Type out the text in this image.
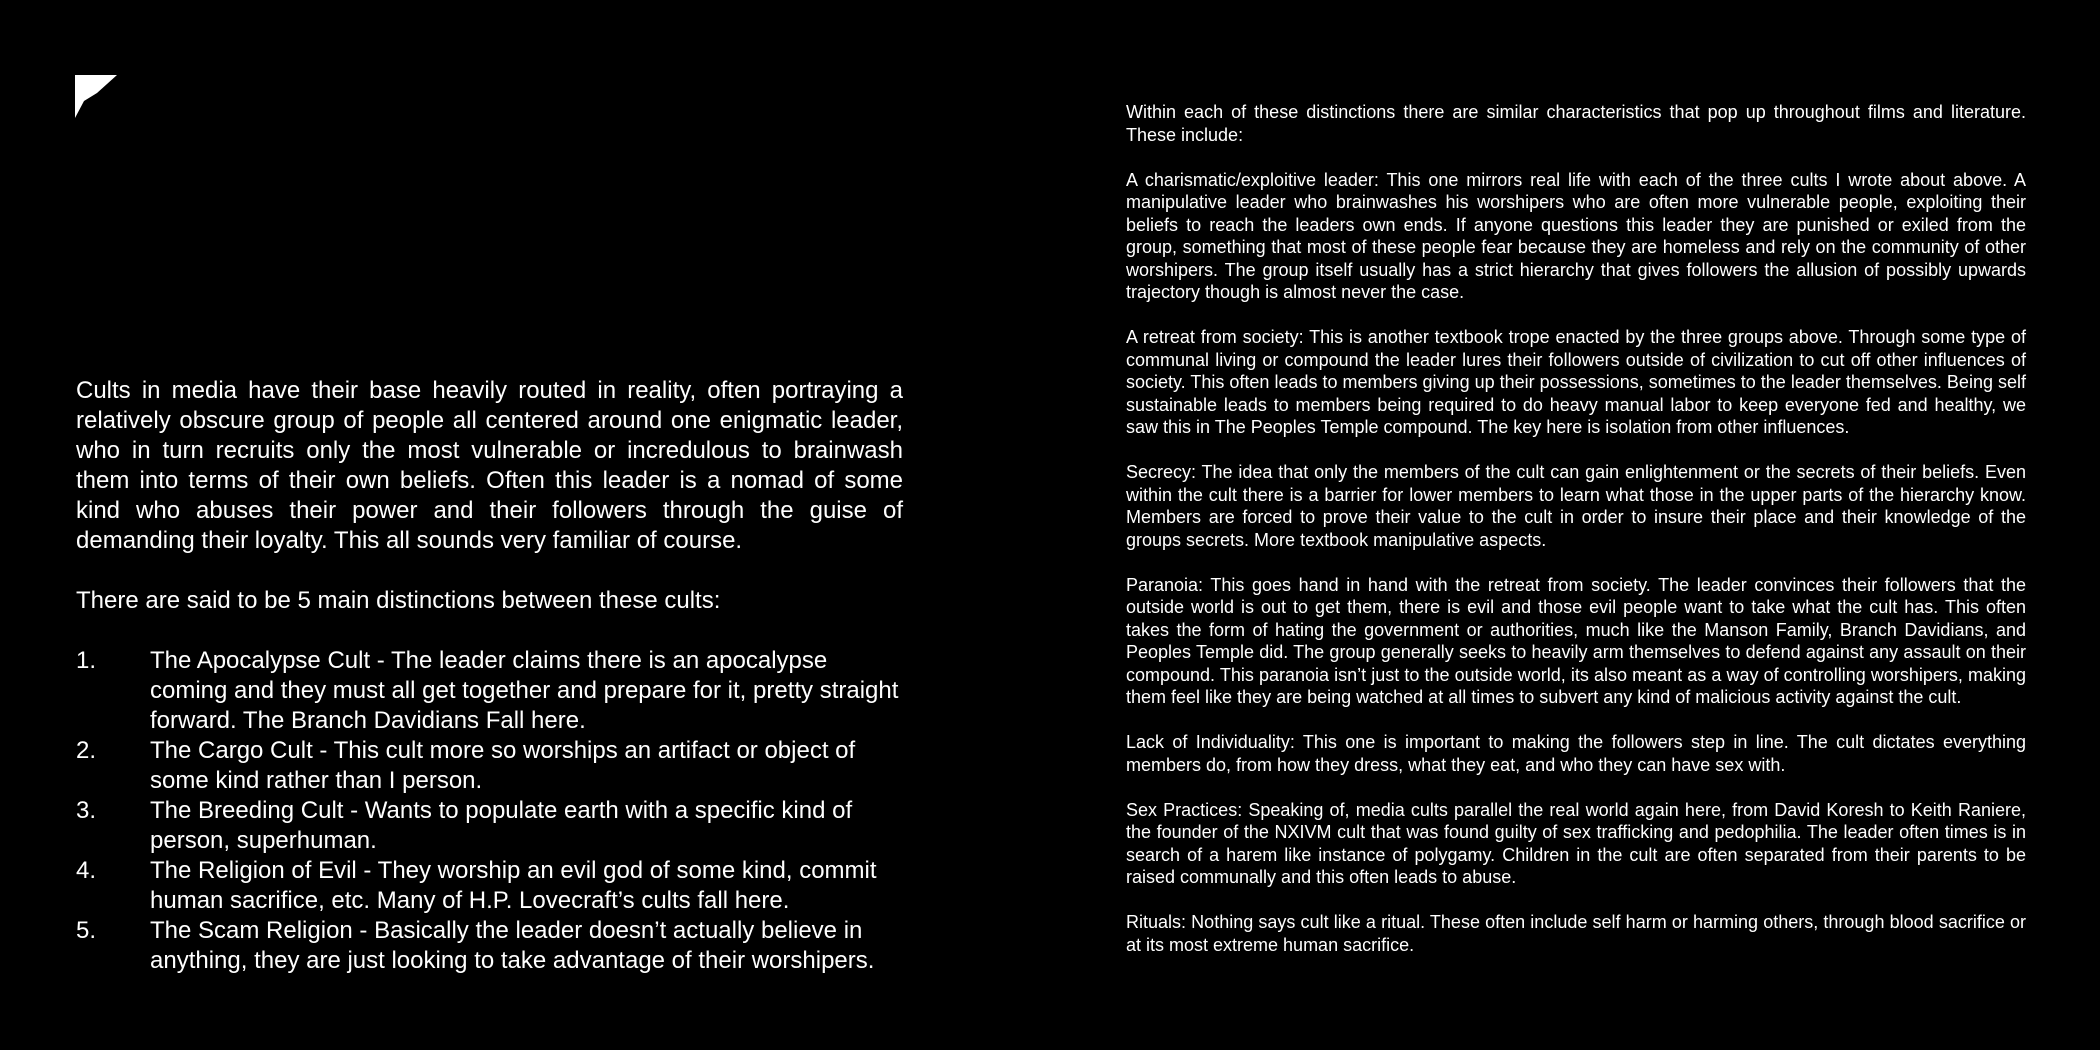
Cults in media have their base heavily routed in reality, often portraying a relatively obscure group of people all centered around one enigmatic leader, who in turn recruits only the most vulnerable or incredulous to brainwash them into terms of their own beliefs. Often this leader is a nomad of some kind who abuses their power and their followers through the guise of demanding their loyalty. This all sounds very familiar of course.

There are said to be 5 main distinctions between these cults:

1.	The Apocalypse Cult - The leader claims there is an apocalypse coming and they must all get together and prepare for it, pretty straight forward. The Branch Davidians Fall here.
2.	The Cargo Cult - This cult more so worships an artifact or object of some kind rather than I person.
3.	The Breeding Cult - Wants to populate earth with a specific kind of person, superhuman.
4.	The Religion of Evil - They worship an evil god of some kind, commit human sacrifice, etc. Many of H.P. Lovecraft’s cults fall here.
5.	The Scam Religion - Basically the leader doesn’t actually believe in anything, they are just looking to take advantage of their worshipers.

Within each of these distinctions there are similar characteristics that pop up throughout films and literature. These include:

A charismatic/exploitive leader: This one mirrors real life with each of the three cults I wrote about above. A manipulative leader who brainwashes his worshipers who are often more vulnerable people, exploiting their beliefs to reach the leaders own ends. If anyone questions this leader they are punished or exiled from the group, something that most of these people fear because they are homeless and rely on the community of other worshipers. The group itself usually has a strict hierarchy that gives followers the allusion of possibly upwards trajectory though is almost never the case.

A retreat from society: This is another textbook trope enacted by the three groups above. Through some type of communal living or compound the leader lures their followers outside of civilization to cut off other influences of society. This often leads to members giving up their possessions, sometimes to the leader themselves. Being self sustainable leads to members being required to do heavy manual labor to keep everyone fed and healthy, we saw this in The Peoples Temple compound. The key here is isolation from other influences.

Secrecy: The idea that only the members of the cult can gain enlightenment or the secrets of their beliefs. Even within the cult there is a barrier for lower members to learn what those in the upper parts of the hierarchy know. Members are forced to prove their value to the cult in order to insure their place and their knowledge of the groups secrets. More textbook manipulative aspects.

Paranoia: This goes hand in hand with the retreat from society. The leader convinces their followers that the outside world is out to get them, there is evil and those evil people want to take what the cult has. This often takes the form of hating the government or authorities, much like the Manson Family, Branch Davidians, and Peoples Temple did. The group generally seeks to heavily arm themselves to defend against any assault on their compound. This paranoia isn’t just to the outside world, its also meant as a way of controlling worshipers, making them feel like they are being watched at all times to subvert any kind of malicious activity against the cult.

Lack of Individuality: This one is important to making the followers step in line. The cult dictates everything members do, from how they dress, what they eat, and who they can have sex with.

Sex Practices: Speaking of, media cults parallel the real world again here, from David Koresh to Keith Raniere, the founder of the NXIVM cult that was found guilty of sex trafficking and pedophilia. The leader often times is in search of a harem like instance of polygamy. Children in the cult are often separated from their parents to be raised communally and this often leads to abuse.

Rituals: Nothing says cult like a ritual. These often include self harm or harming others, through blood sacrifice or at its most extreme human sacrifice.
